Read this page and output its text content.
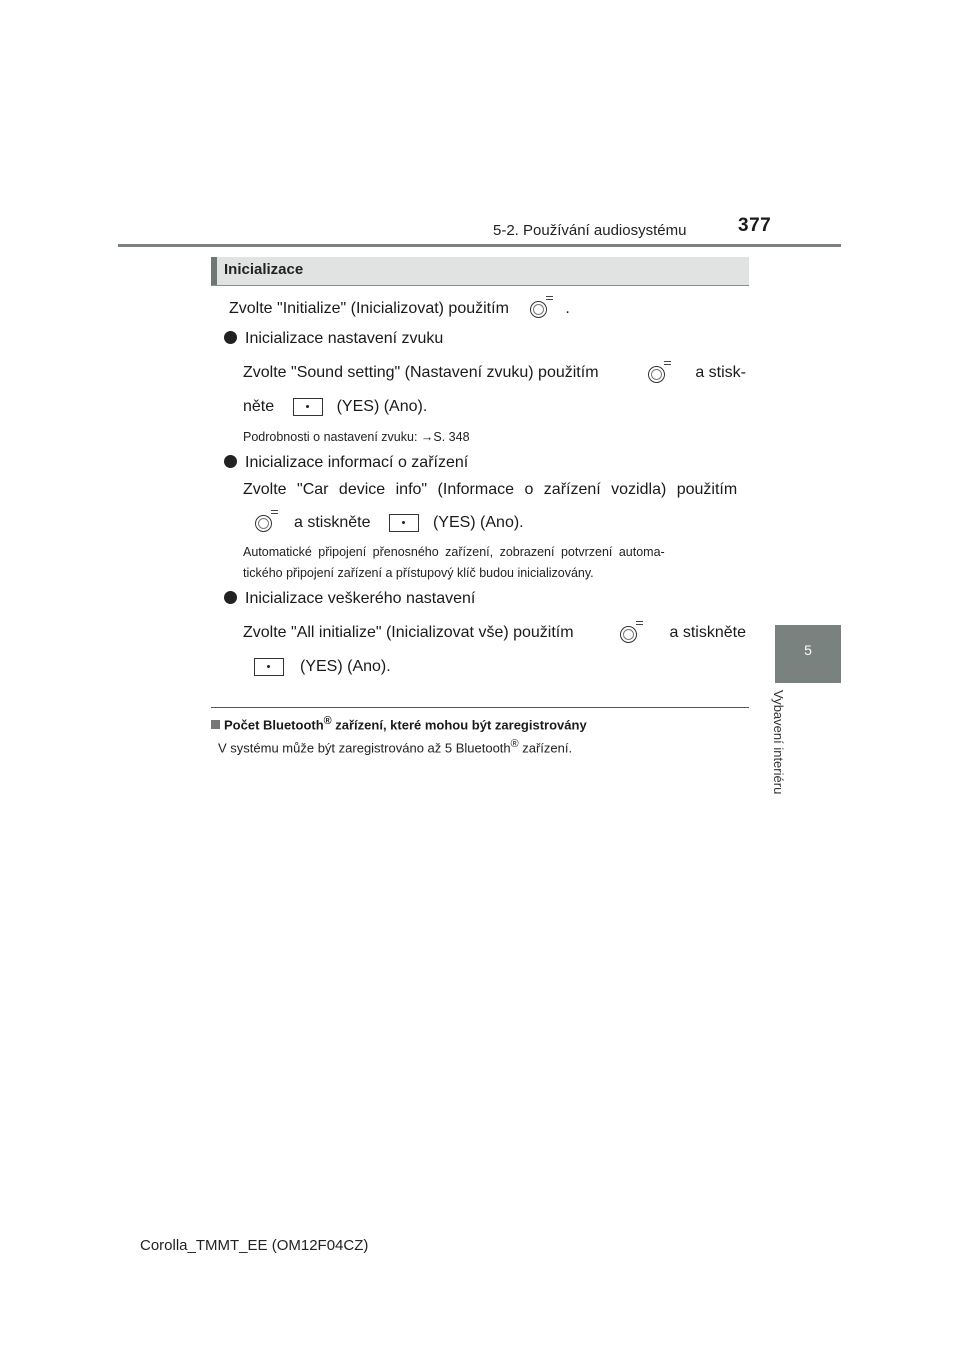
5-2. Používání audiosystému	377
5
Vybavení interiéru
Inicializace
Zvolte "Initialize" (Inicializovat) použitím	.
Inicializace nastavení zvuku
Zvolte "Sound setting" (Nastavení zvuku) použitím	a stisk-
něte	(YES) (Ano).
Podrobnosti o nastavení zvuku: →S. 348
Inicializace informací o zařízení
Zvolte "Car device info" (Informace o zařízení vozidla) použitím
a stiskněte	(YES) (Ano).
Automatické připojení přenosného zařízení, zobrazení potvrzení automa-
tického připojení zařízení a přístupový klíč budou inicializovány.
Inicializace veškerého nastavení
Zvolte "All initialize" (Inicializovat vše) použitím	a stiskněte
(YES) (Ano).
Počet Bluetooth® zařízení, které mohou být zaregistrovány
V systému může být zaregistrováno až 5 Bluetooth® zařízení.
Corolla_TMMT_EE (OM12F04CZ)
